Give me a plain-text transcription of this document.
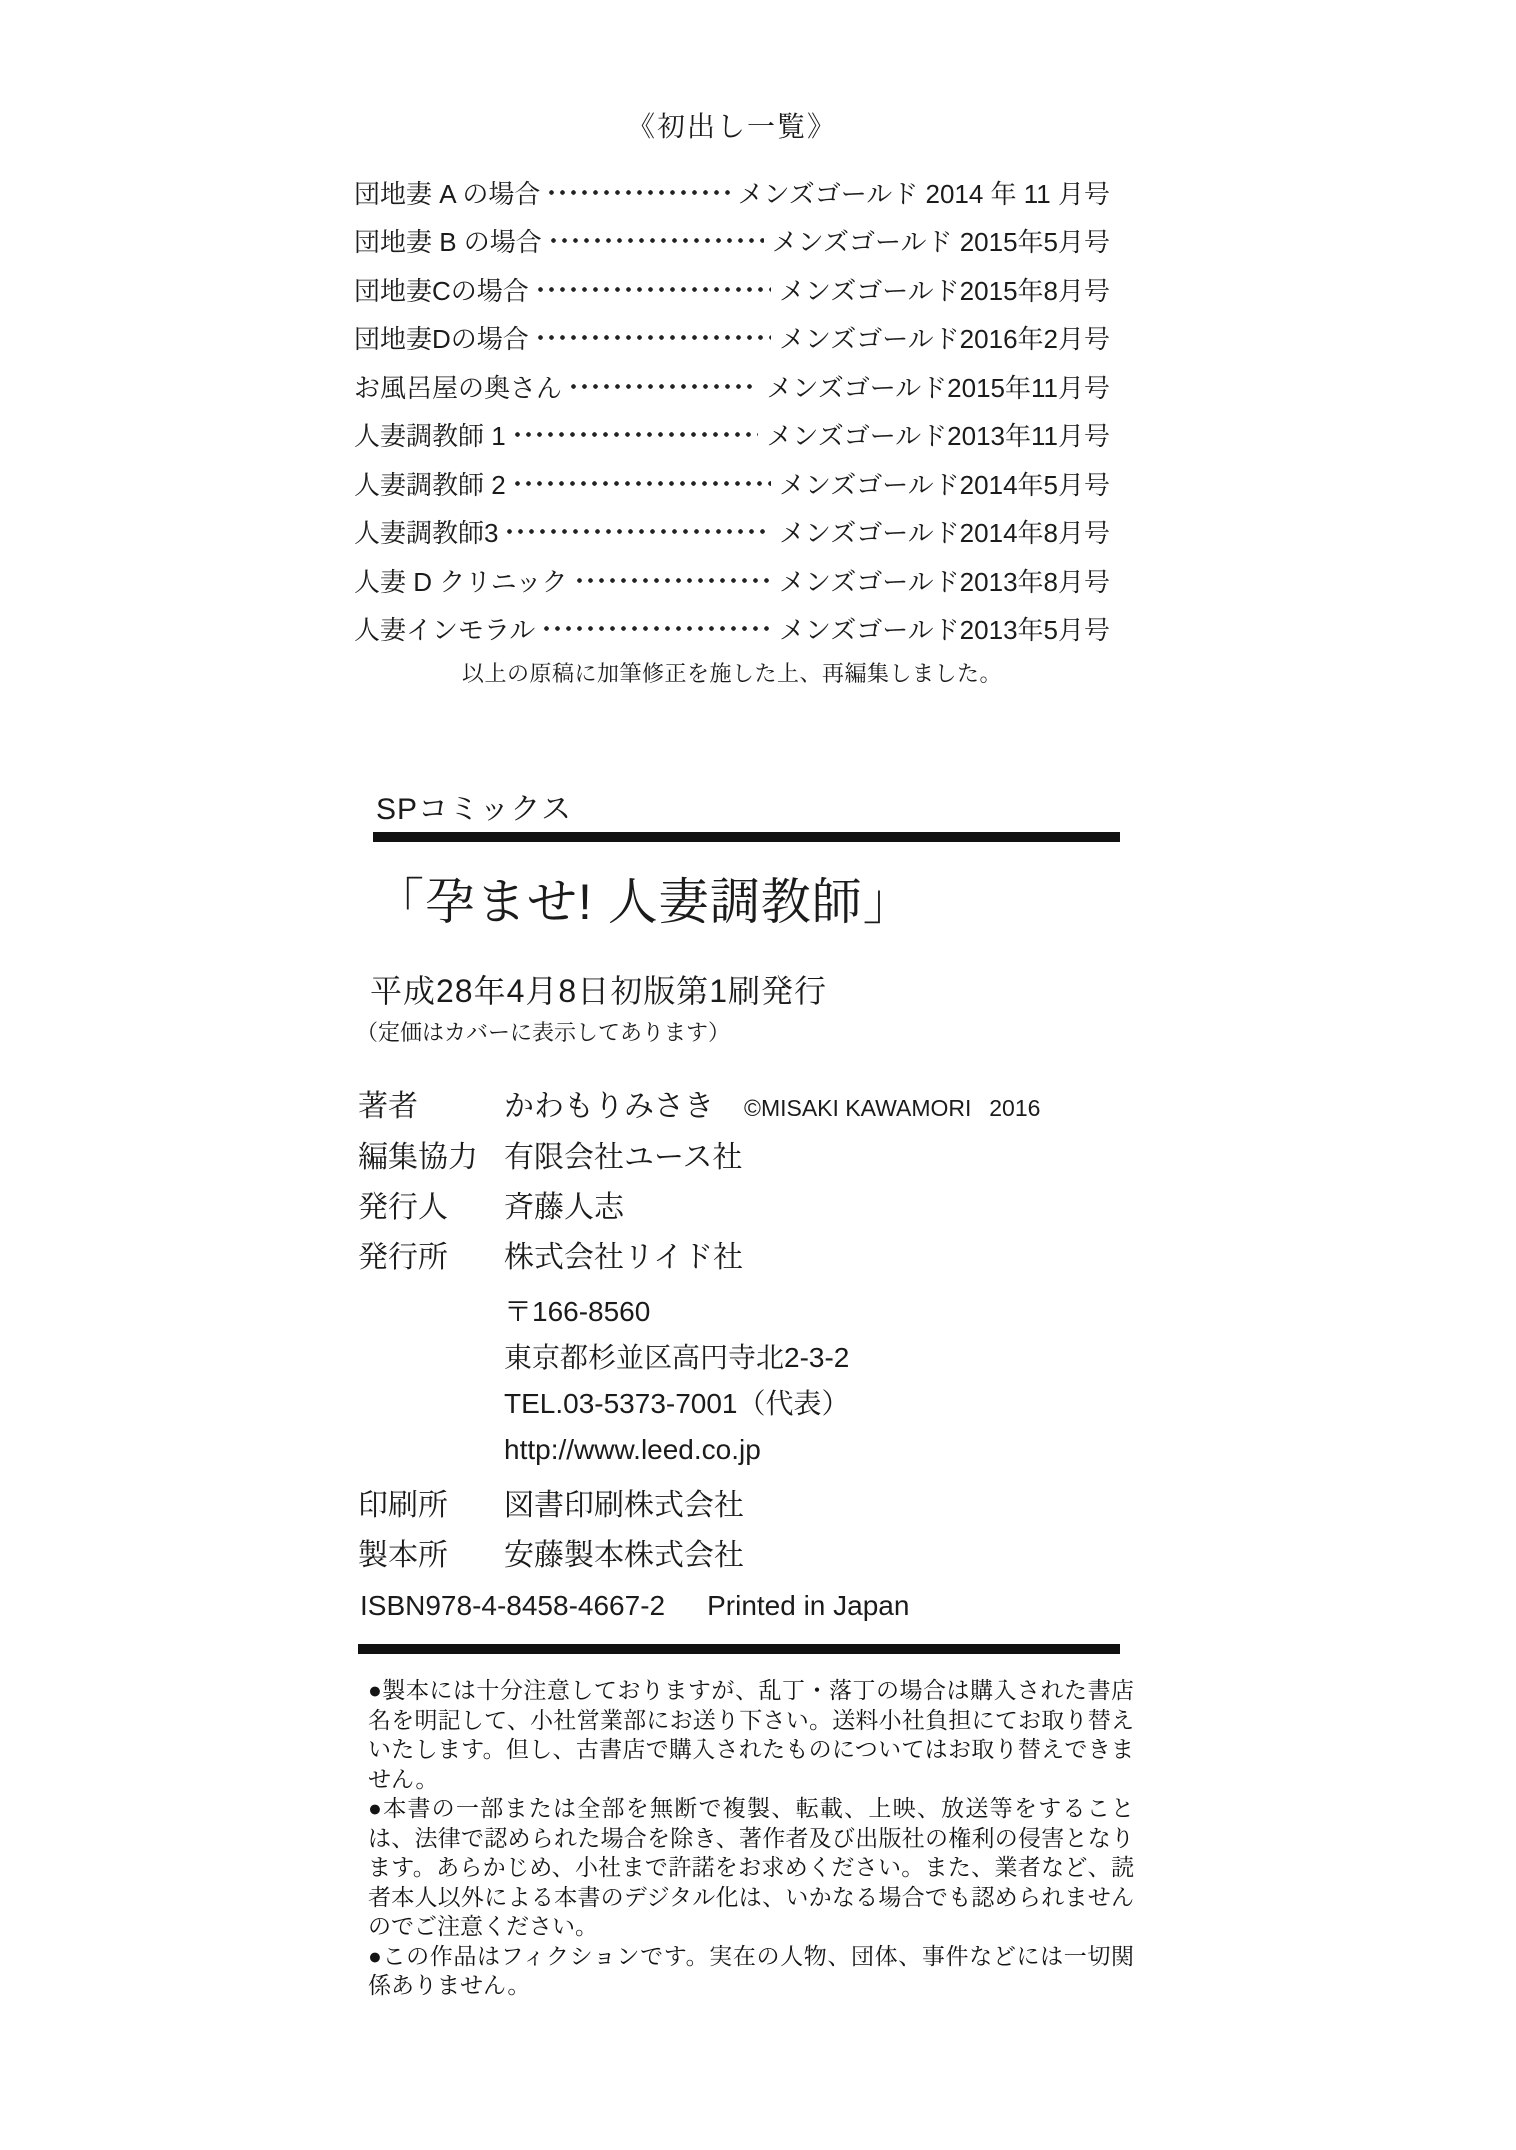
《初出し一覧》
団地妻 A の場合	メンズゴールド 2014 年 11 月号
団地妻 B の場合	メンズゴールド 2015年5月号
団地妻Cの場合	メンズゴールド2015年8月号
団地妻Dの場合	メンズゴールド2016年2月号
お風呂屋の奥さん	メンズゴールド2015年11月号
人妻調教師 1	メンズゴールド2013年11月号
人妻調教師 2	メンズゴールド2014年5月号
人妻調教師3	メンズゴールド2014年8月号
人妻 D クリニック	メンズゴールド2013年8月号
人妻インモラル	メンズゴールド2013年5月号

以上の原稿に加筆修正を施した上、再編集しました。

SPコミックス
「孕ませ! 人妻調教師」
平成28年4月8日初版第1刷発行
（定価はカバーに表示してあります）
著者	かわもりみさき ©MISAKI KAWAMORI  2016
編集協力 有限会社ユース社
発行人	斉藤人志
発行所	株式会社リイド社
〒166-8560
東京都杉並区高円寺北2-3-2
TEL.03-5373-7001（代表）
http://www.leed.co.jp
印刷所	図書印刷株式会社
製本所	安藤製本株式会社
ISBN978-4-8458-4667-2 Printed in Japan

●製本には十分注意しておりますが、乱丁・落丁の場合は購入された書店名を明記して、小社営業部にお送り下さい。送料小社負担にてお取り替えいたします。但し、古書店で購入されたものについてはお取り替えできません。

●本書の一部または全部を無断で複製、転載、上映、放送等をすることは、法律で認められた場合を除き、著作者及び出版社の権利の侵害となります。あらかじめ、小社まで許諾をお求めください。また、業者など、読者本人以外による本書のデジタル化は、いかなる場合でも認められませんのでご注意ください。

●この作品はフィクションです。実在の人物、団体、事件などには一切関係ありません。
